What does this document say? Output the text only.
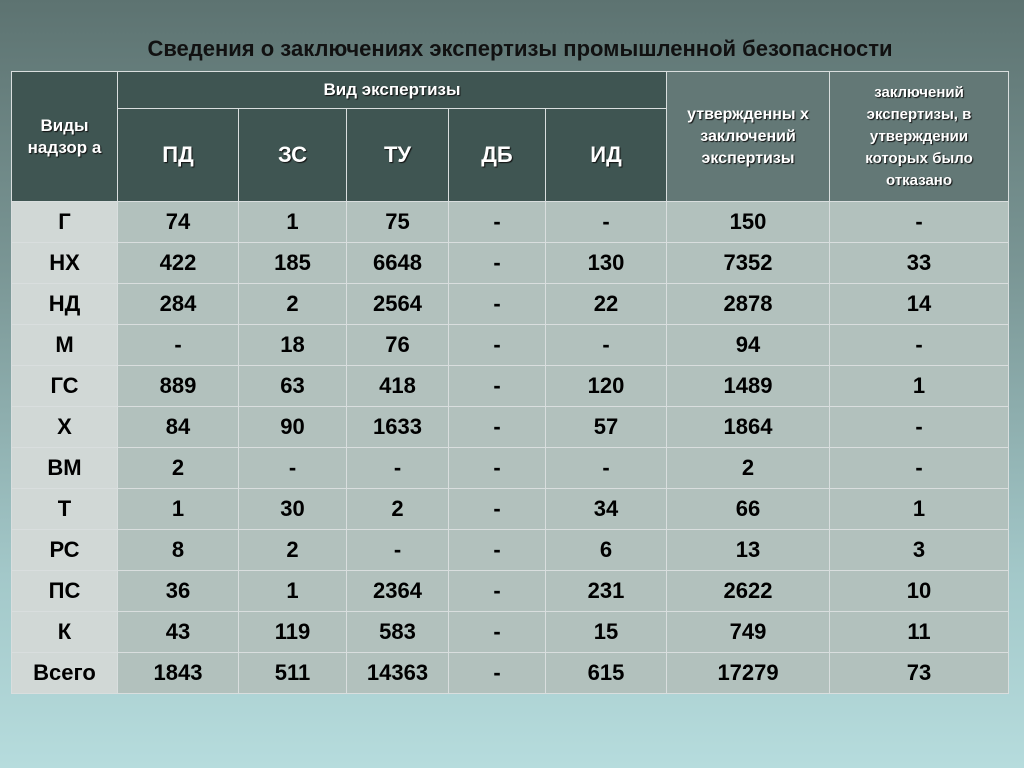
Сведения о заключениях экспертизы промышленной безопасности
Виды надзор а	Вид экспертизы					утвержденны х заключений экспертизы	заключений экспертизы, в утверждении которых было отказано
	ПД	ЗС	ТУ	ДБ	ИД		
Г	74	1	75	-	-	150	-
НХ	422	185	6648	-	130	7352	33
НД	284	2	2564	-	22	2878	14
М	-	18	76	-	-	94	-
ГС	889	63	418	-	120	1489	1
Х	84	90	1633	-	57	1864	-
ВМ	2	-	-	-	-	2	-
Т	1	30	2	-	34	66	1
РС	8	2	-	-	6	13	3
ПС	36	1	2364	-	231	2622	10
К	43	119	583	-	15	749	11
Всего	1843	511	14363	-	615	17279	73
